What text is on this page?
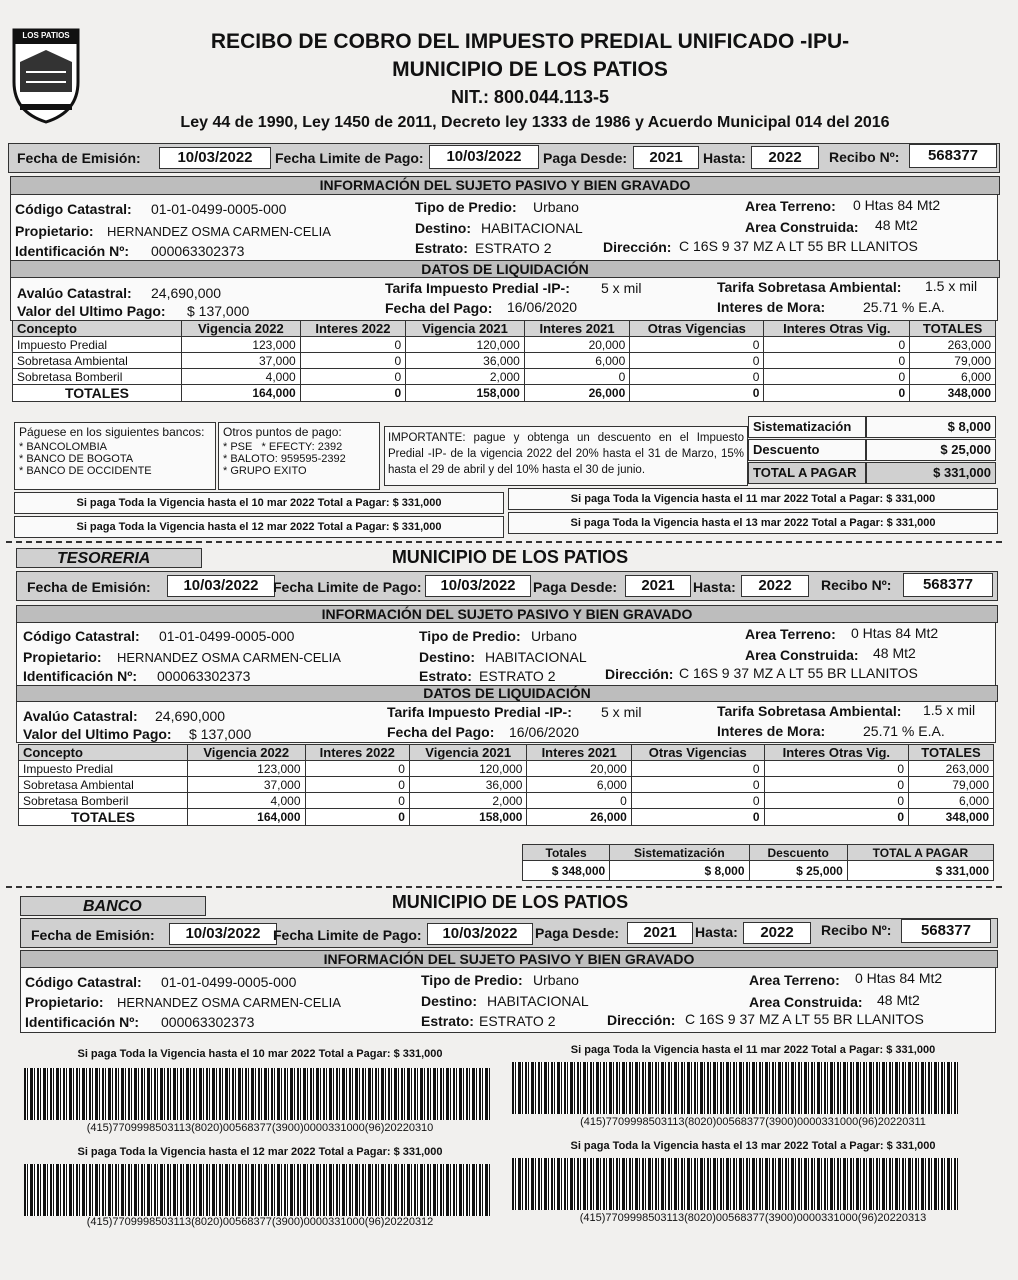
LOS PATIOS	RECIBO DE COBRO DEL IMPUESTO PREDIAL UNIFICADO -IPU-
MUNICIPIO DE LOS PATIOS
NIT.: 800.044.113-5
Ley 44 de 1990, Ley 1450 de 2011, Decreto ley 1333 de 1986 y Acuerdo Municipal 014 del 2016
Fecha de Emisión:	10/03/2022	Fecha Limite de Pago:	10/03/2022	Paga Desde:	2021	Hasta:	2022	Recibo Nº:	568377
INFORMACIÓN DEL SUJETO PASIVO Y BIEN GRAVADO
Código Catastral: 01-01-0499-0005-000
Propietario: HERNANDEZ OSMA CARMEN-CELIA
Identificación Nº: 000063302373
Tipo de Predio: Urbano
Destino: HABITACIONAL
Estrato: ESTRATO 2
Area Terreno: 0 Htas 84 Mt2
Area Construida: 48 Mt2
Dirección: C 16S 9 37 MZ A LT 55 BR LLANITOS
DATOS DE LIQUIDACIÓN
Avalúo Catastral: 24,690,000
Valor del Ultimo Pago: $ 137,000
Tarifa Impuesto Predial -IP-: 5 x mil
Fecha del Pago: 16/06/2020
Tarifa Sobretasa Ambiental: 1.5 x mil
Interes de Mora:	25.71 % E.A.
Concepto	Vigencia 2022	Interes 2022	Vigencia 2021	Interes 2021	Otras Vigencias	Interes Otras Vig.	TOTALES
Impuesto Predial	123,000	0	120,000	20,000	0	0	263,000
Sobretasa Ambiental	37,000	0	36,000	6,000	0	0	79,000
Sobretasa Bomberil	4,000	0	2,000	0	0	0	6,000
TOTALES	164,000	0	158,000	26,000	0	0	348,000
Páguese en los siguientes bancos:
* BANCOLOMBIA
* BANCO DE BOGOTA
* BANCO DE OCCIDENTE
Otros puntos de pago:
* PSE * EFECTY: 2392
* BALOTO: 959595-2392
* GRUPO EXITO
IMPORTANTE: pague y obtenga un descuento en el Impuesto Predial -IP- de la vigencia 2022 del 20% hasta el 31 de Marzo, 15% hasta el 29 de abril y del 10% hasta el 30 de junio.
Sistematización	$ 8,000
Descuento	$ 25,000
TOTAL A PAGAR	$ 331,000
Si paga Toda la Vigencia hasta el 10 mar 2022 Total a Pagar: $ 331,000	Si paga Toda la Vigencia hasta el 11 mar 2022 Total a Pagar: $ 331,000
Si paga Toda la Vigencia hasta el 12 mar 2022 Total a Pagar: $ 331,000	Si paga Toda la Vigencia hasta el 13 mar 2022 Total a Pagar: $ 331,000
TESORERIA	MUNICIPIO DE LOS PATIOS
Fecha de Emisión:	10/03/2022	Fecha Limite de Pago:	10/03/2022	Paga Desde:	2021	Hasta:	2022	Recibo Nº:	568377
INFORMACIÓN DEL SUJETO PASIVO Y BIEN GRAVADO
Código Catastral: 01-01-0499-0005-000
Propietario: HERNANDEZ OSMA CARMEN-CELIA
Identificación Nº: 000063302373
Tipo de Predio: Urbano
Destino: HABITACIONAL
Estrato: ESTRATO 2
Area Terreno: 0 Htas 84 Mt2
Area Construida: 48 Mt2
Dirección: C 16S 9 37 MZ A LT 55 BR LLANITOS
DATOS DE LIQUIDACIÓN
Avalúo Catastral: 24,690,000
Valor del Ultimo Pago: $ 137,000
Tarifa Impuesto Predial -IP-: 5 x mil
Fecha del Pago: 16/06/2020
Tarifa Sobretasa Ambiental: 1.5 x mil
Interes de Mora:	25.71 % E.A.
Concepto	Vigencia 2022	Interes 2022	Vigencia 2021	Interes 2021	Otras Vigencias	Interes Otras Vig.	TOTALES
Impuesto Predial	123,000	0	120,000	20,000	0	0	263,000
Sobretasa Ambiental	37,000	0	36,000	6,000	0	0	79,000
Sobretasa Bomberil	4,000	0	2,000	0	0	0	6,000
TOTALES	164,000	0	158,000	26,000	0	0	348,000
Totales	Sistematización	Descuento	TOTAL A PAGAR
$ 348,000	$ 8,000	$ 25,000	$ 331,000
BANCO	MUNICIPIO DE LOS PATIOS
Fecha de Emisión:	10/03/2022 Fecha Limite de Pago:	10/03/2022	Paga Desde:	2021	Hasta:	2022	Recibo Nº:	568377
INFORMACIÓN DEL SUJETO PASIVO Y BIEN GRAVADO
Código Catastral: 01-01-0499-0005-000
Propietario: HERNANDEZ OSMA CARMEN-CELIA
Identificación Nº: 000063302373
Tipo de Predio: Urbano
Destino: HABITACIONAL
Estrato: ESTRATO 2
Area Terreno: 0 Htas 84 Mt2
Area Construida: 48 Mt2
Dirección: C 16S 9 37 MZ A LT 55 BR LLANITOS
Si paga Toda la Vigencia hasta el 10 mar 2022 Total a Pagar: $ 331,000
(415)7709998503113(8020)00568377(3900)0000331000(96)20220310
Si paga Toda la Vigencia hasta el 11 mar 2022 Total a Pagar: $ 331,000
(415)7709998503113(8020)00568377(3900)0000331000(96)20220311
Si paga Toda la Vigencia hasta el 12 mar 2022 Total a Pagar: $ 331,000
(415)7709998503113(8020)00568377(3900)0000331000(96)20220312
Si paga Toda la Vigencia hasta el 13 mar 2022 Total a Pagar: $ 331,000
(415)7709998503113(8020)00568377(3900)0000331000(96)20220313
